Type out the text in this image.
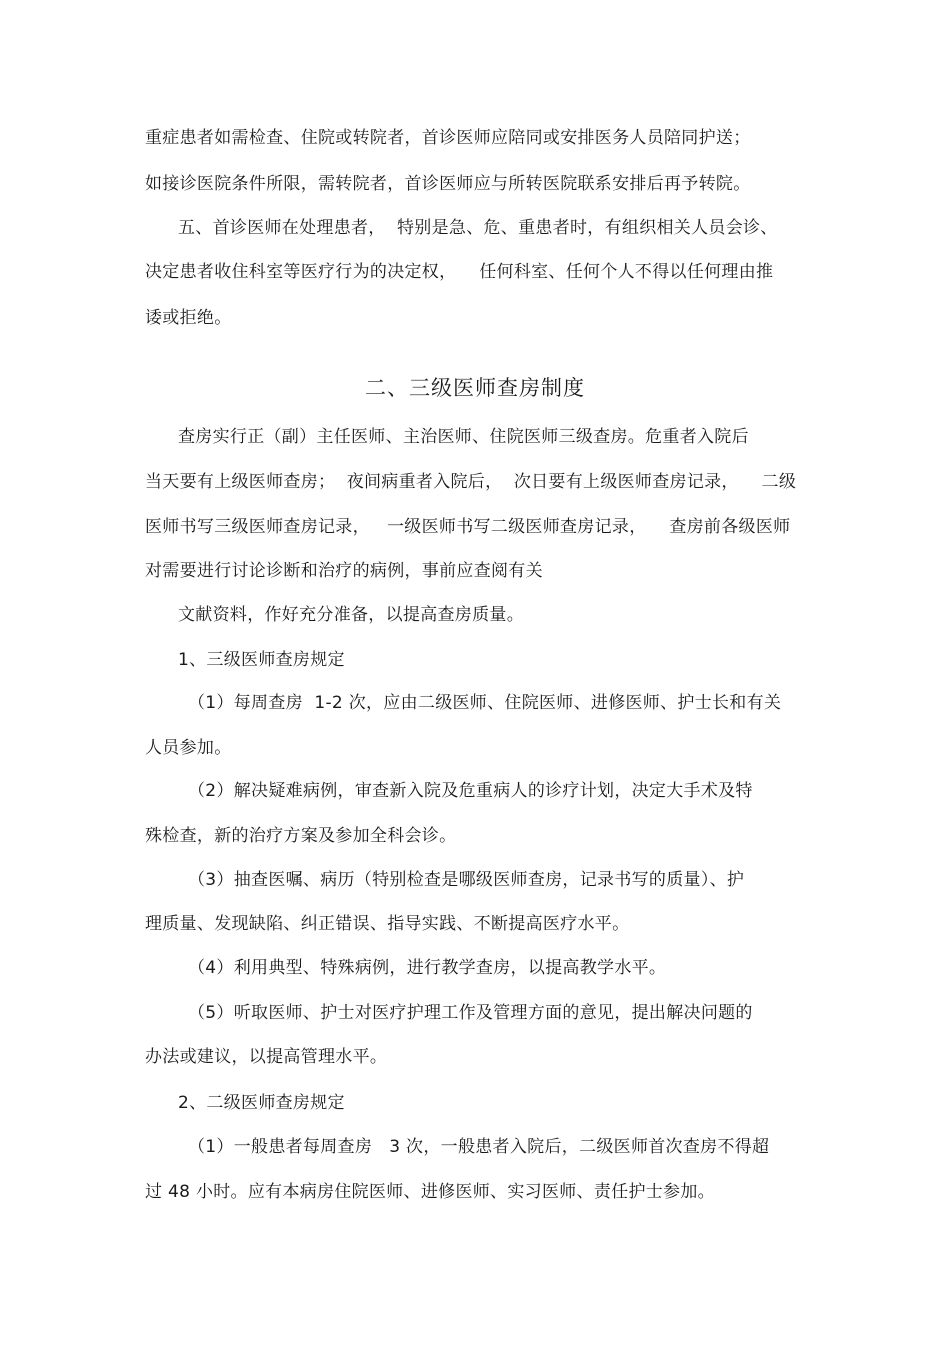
重症患者如需检查、住院或转院者，首诊医师应陪同或安排医务人员陪同护送；
如接诊医院条件所限，需转院者，首诊医师应与所转医院联系安排后再予转院。
五、首诊医师在处理患者，  特别是急、危、重患者时，有组织相关人员会诊、
决定患者收住科室等医疗行为的决定权，    任何科室、任何个人不得以任何理由推
诿或拒绝。
二、三级医师查房制度
查房实行正（副）主任医师、主治医师、住院医师三级查房。危重者入院后
当天要有上级医师查房；  夜间病重者入院后，  次日要有上级医师查房记录，    二级
医师书写三级医师查房记录，   一级医师书写二级医师查房记录，    查房前各级医师
对需要进行讨论诊断和治疗的病例，事前应查阅有关
文献资料，作好充分准备，以提高查房质量。
1、三级医师查房规定
（1）每周查房  1-2 次，应由二级医师、住院医师、进修医师、护士长和有关
人员参加。
（2）解决疑难病例，审查新入院及危重病人的诊疗计划，决定大手术及特
殊检查，新的治疗方案及参加全科会诊。
（3）抽查医嘱、病历（特别检查是哪级医师查房，记录书写的质量）、护
理质量、发现缺陷、纠正错误、指导实践、不断提高医疗水平。
（4）利用典型、特殊病例，进行教学查房，以提高教学水平。
（5）听取医师、护士对医疗护理工作及管理方面的意见，提出解决问题的
办法或建议，以提高管理水平。
2、二级医师查房规定
（1）一般患者每周查房   3 次，一般患者入院后，二级医师首次查房不得超
过 48 小时。应有本病房住院医师、进修医师、实习医师、责任护士参加。
